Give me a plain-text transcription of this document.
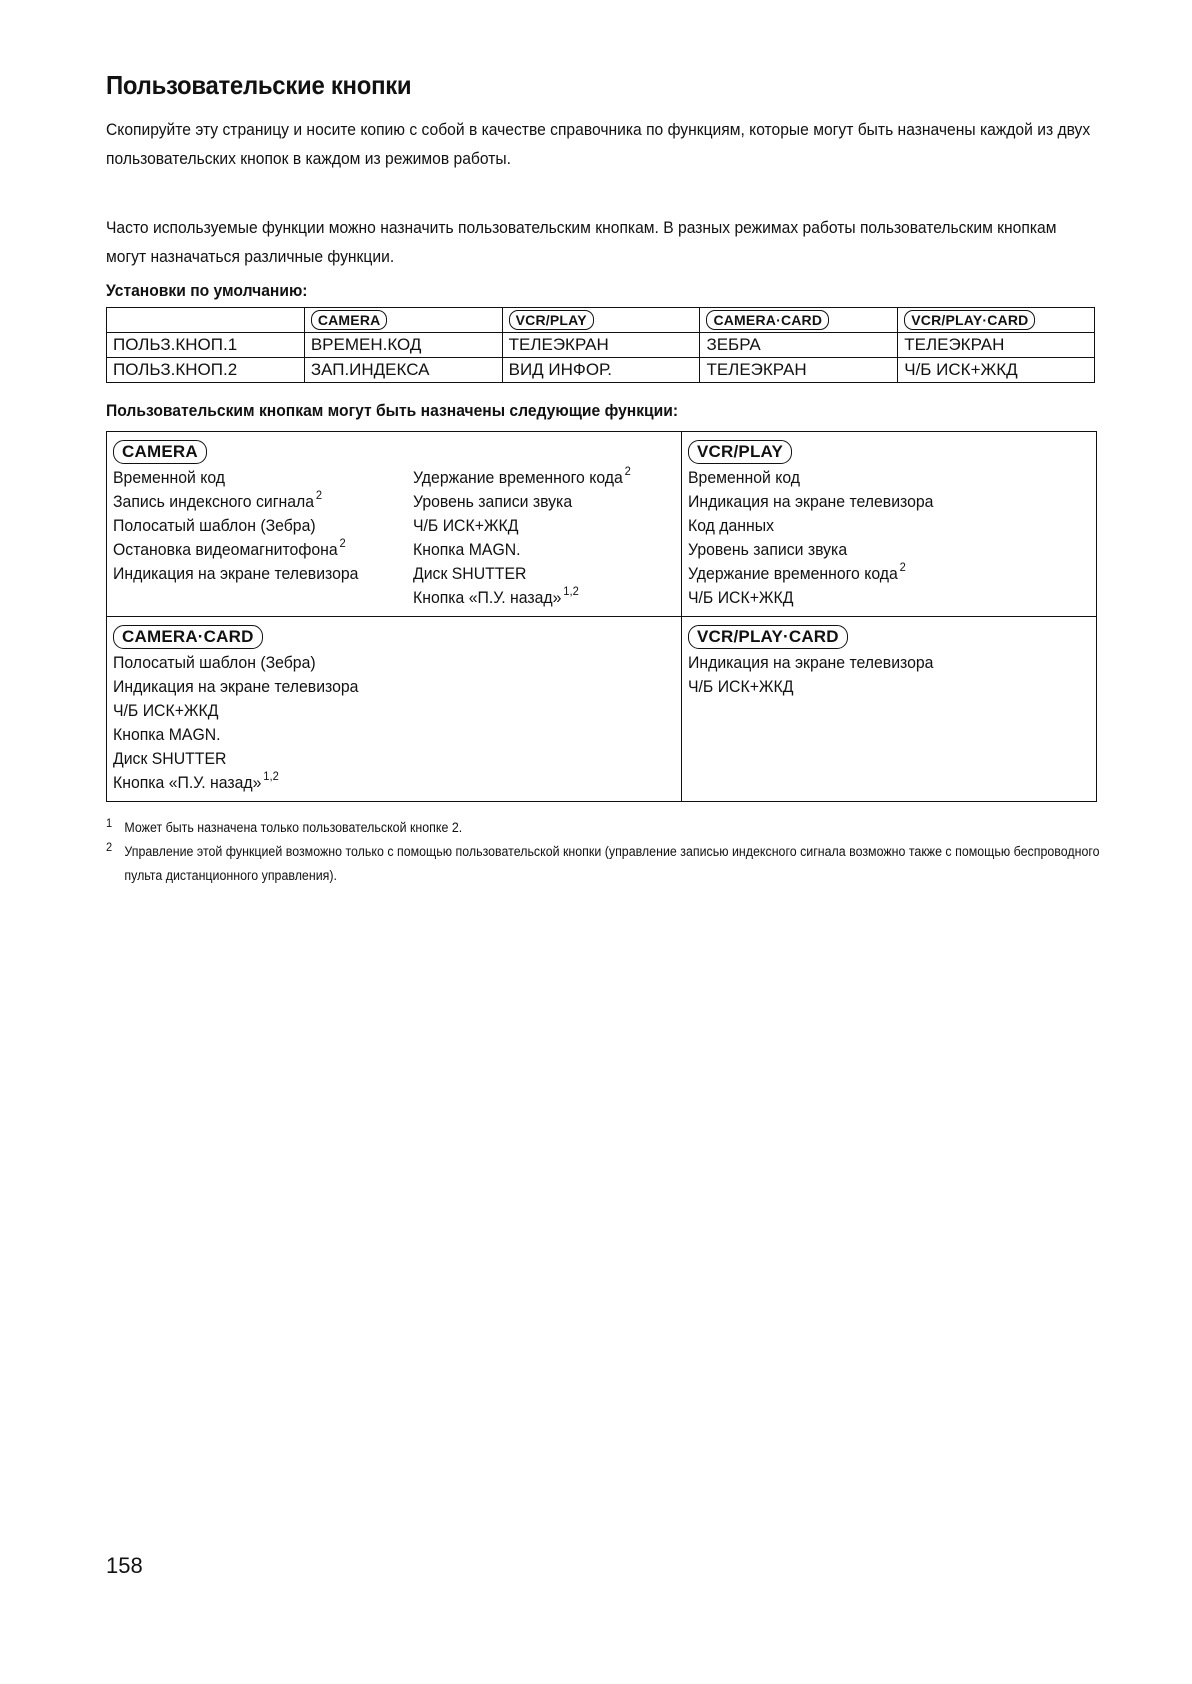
Пользовательские кнопки

Скопируйте эту страницу и носите копию с собой в качестве справочника по функциям, которые могут быть назначены каждой из двух пользовательских кнопок в каждом из режимов работы.

Часто используемые функции можно назначить пользовательским кнопкам. В разных режимах работы пользовательским кнопкам могут назначаться различные функции.

Установки по умолчанию:
	CAMERA	VCR/PLAY	CAMERA·CARD	VCR/PLAY·CARD
ПОЛЬЗ.КНОП.1	ВРЕМЕН.КОД	ТЕЛЕЭКРАН	ЗЕБРА	ТЕЛЕЭКРАН
ПОЛЬЗ.КНОП.2	ЗАП.ИНДЕКСА	ВИД ИНФОР.	ТЕЛЕЭКРАН	Ч/Б ИСК+ЖКД
Пользовательским кнопкам могут быть назначены следующие функции:
CAMERA
Временной код
Запись индексного сигнала $^2$
Полосатый шаблон (Зебра)
Остановка видеомагнитофона $^2$
Индикация на экране телевизора
Удержание временного кода $^2$
Уровень записи звука
Ч/Б ИСК+ЖКД
Кнопка MAGN.
Диск SHUTTER
Кнопка «П.У. назад» $^{1,2}$
VCR/PLAY
Временной код
Индикация на экране телевизора
Код данных
Уровень записи звука
Удержание временного кода $^2$
Ч/Б ИСК+ЖКД
CAMERA·CARD
Полосатый шаблон (Зебра)
Индикация на экране телевизора
Ч/Б ИСК+ЖКД
Кнопка MAGN.
Диск SHUTTER
Кнопка «П.У. назад» $^{1,2}$
VCR/PLAY·CARD
Индикация на экране телевизора
Ч/Б ИСК+ЖКД
1 Может быть назначена только пользовательской кнопке 2.
2 Управление этой функцией возможно только с помощью пользовательской кнопки (управление записью индексного сигнала возможно также с помощью беспроводного пульта дистанционного управления).
158
